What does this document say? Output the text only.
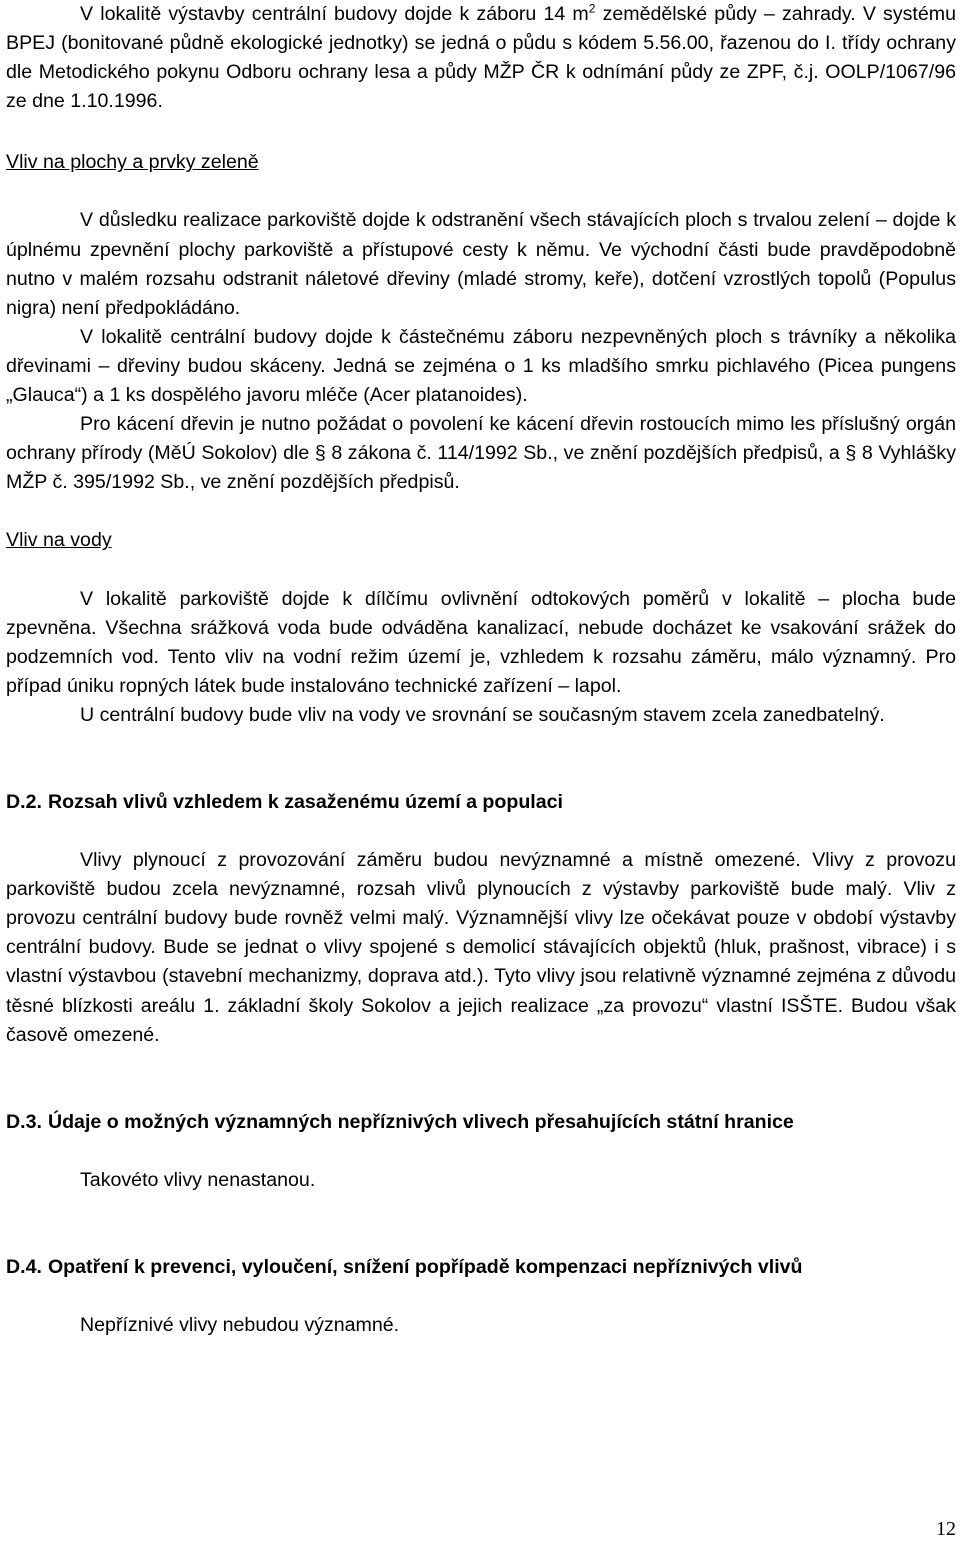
V lokalitě výstavby centrální budovy dojde k záboru 14 $m^2$ zemědělské půdy – zahrady. V systému BPEJ (bonitované půdně ekologické jednotky) se jedná o půdu s kódem 5.56.00, řazenou do I. třídy ochrany dle Metodického pokynu Odboru ochrany lesa a půdy MŽP ČR k odnímání půdy ze ZPF, č.j. OOLP/1067/96 ze dne 1.10.1996.

Vliv na plochy a prvky zeleně

V důsledku realizace parkoviště dojde k odstranění všech stávajících ploch s trvalou zelení – dojde k úplnému zpevnění plochy parkoviště a přístupové cesty k němu. Ve východní části bude pravděpodobně nutno v malém rozsahu odstranit náletové dřeviny (mladé stromy, keře), dotčení vzrostlých topolů (Populus nigra) není předpokládáno.

V lokalitě centrální budovy dojde k částečnému záboru nezpevněných ploch s trávníky a několika dřevinami – dřeviny budou skáceny. Jedná se zejména o 1 ks mladšího smrku pichlavého (Picea pungens „Glauca“) a 1 ks dospělého javoru mléče (Acer platanoides).

Pro kácení dřevin je nutno požádat o povolení ke kácení dřevin rostoucích mimo les příslušný orgán ochrany přírody (MěÚ Sokolov) dle § 8 zákona č. 114/1992 Sb., ve znění pozdějších předpisů, a § 8 Vyhlášky MŽP č. 395/1992 Sb., ve znění pozdějších předpisů.

Vliv na vody

V lokalitě parkoviště dojde k dílčímu ovlivnění odtokových poměrů v lokalitě – plocha bude zpevněna. Všechna srážková voda bude odváděna kanalizací, nebude docházet ke vsakování srážek do podzemních vod. Tento vliv na vodní režim území je, vzhledem k rozsahu záměru, málo významný. Pro případ úniku ropných látek bude instalováno technické zařízení – lapol.

U centrální budovy bude vliv na vody ve srovnání se současným stavem zcela zanedbatelný.

D.2. Rozsah vlivů vzhledem k zasaženému území a populaci

Vlivy plynoucí z provozování záměru budou nevýznamné a místně omezené. Vlivy z provozu parkoviště budou zcela nevýznamné, rozsah vlivů plynoucích z výstavby parkoviště bude malý. Vliv z provozu centrální budovy bude rovněž velmi malý. Významnější vlivy lze očekávat pouze v období výstavby centrální budovy. Bude se jednat o vlivy spojené s demolicí stávajících objektů (hluk, prašnost, vibrace) i s vlastní výstavbou (stavební mechanizmy, doprava atd.). Tyto vlivy jsou relativně významné zejména z důvodu těsné blízkosti areálu 1. základní školy Sokolov a jejich realizace „za provozu“ vlastní ISŠTE. Budou však časově omezené.

D.3. Údaje o možných významných nepříznivých vlivech přesahujících státní hranice

Takovéto vlivy nenastanou.

D.4. Opatření k prevenci, vyloučení, snížení popřípadě kompenzaci nepříznivých vlivů

Nepříznivé vlivy nebudou významné.

12
